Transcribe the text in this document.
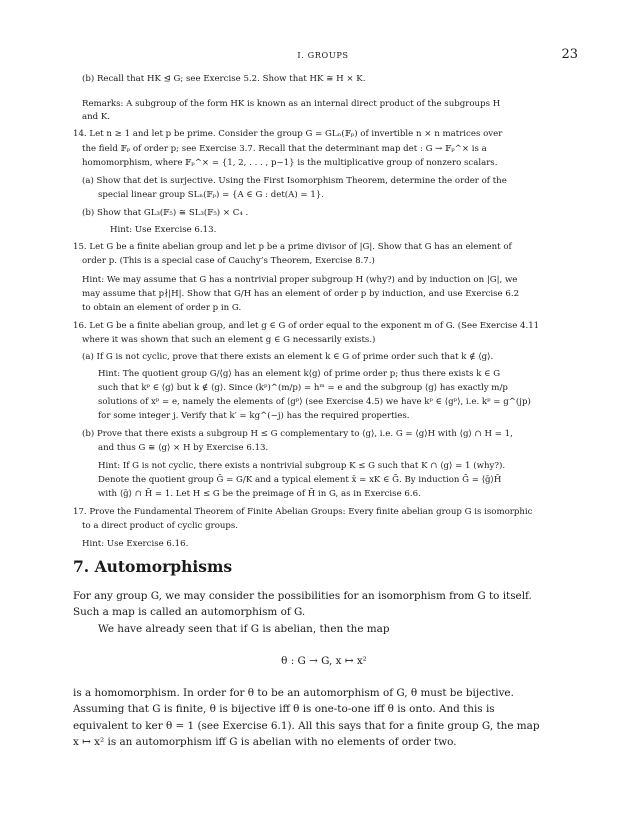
I. GROUPS	23
(b) Recall that HK ⊴ G; see Exercise 5.2. Show that HK ≅ H × K.
Remarks: A subgroup of the form HK is known as an internal direct product of the subgroups H
and K.
14. Let n ≥ 1 and let p be prime. Consider the group G = GLₙ(𝔽ₚ) of invertible n × n matrices over
the field 𝔽ₚ of order p; see Exercise 3.7. Recall that the determinant map det : G → 𝔽ₚ^× is a
homomorphism, where 𝔽ₚ^× = {1, 2, . . . , p−1} is the multiplicative group of nonzero scalars.
(a) Show that det is surjective. Using the First Isomorphism Theorem, determine the order of the
special linear group SLₙ(𝔽ₚ) = {A ∈ G : det(A) = 1}.
(b) Show that GL₃(𝔽₅) ≅ SL₃(𝔽₅) × C₄ .
Hint: Use Exercise 6.13.
15. Let G be a finite abelian group and let p be a prime divisor of |G|. Show that G has an element of
order p. (This is a special case of Cauchy’s Theorem, Exercise 8.7.)
Hint: We may assume that G has a nontrivial proper subgroup H (why?) and by induction on |G|, we
may assume that p∤|H|. Show that G/H has an element of order p by induction, and use Exercise 6.2
to obtain an element of order p in G.
16. Let G be a finite abelian group, and let g ∈ G of order equal to the exponent m of G. (See Exercise 4.11
where it was shown that such an element g ∈ G necessarily exists.)
(a) If G is not cyclic, prove that there exists an element k ∈ G of prime order such that k ∉ ⟨g⟩.
Hint: The quotient group G/⟨g⟩ has an element k⟨g⟩ of prime order p; thus there exists k ∈ G
such that kᵖ ∈ ⟨g⟩ but k ∉ ⟨g⟩. Since (kᵖ)^(m/p) = hᵐ = e and the subgroup ⟨g⟩ has exactly m/p
solutions of xᵖ = e, namely the elements of ⟨gᵖ⟩ (see Exercise 4.5) we have kᵖ ∈ ⟨gᵖ⟩, i.e. kᵖ = g^(jp)
for some integer j. Verify that k′ = kg^(−j) has the required properties.
(b) Prove that there exists a subgroup H ≤ G complementary to ⟨g⟩, i.e. G = ⟨g⟩H with ⟨g⟩ ∩ H = 1,
and thus G ≅ ⟨g⟩ × H by Exercise 6.13.
Hint: If G is not cyclic, there exists a nontrivial subgroup K ≤ G such that K ∩ ⟨g⟩ = 1 (why?).
Denote the quotient group Ḡ = G/K and a typical element x̄ = xK ∈ Ḡ. By induction Ḡ = ⟨ḡ⟩H̄
with ⟨ḡ⟩ ∩ H̄ = 1. Let H ≤ G be the preimage of H̄ in G, as in Exercise 6.6.
17. Prove the Fundamental Theorem of Finite Abelian Groups: Every finite abelian group G is isomorphic
to a direct product of cyclic groups.
Hint: Use Exercise 6.16.
7. Automorphisms
For any group G, we may consider the possibilities for an isomorphism from G to itself.
Such a map is called an automorphism of G.
We have already seen that if G is abelian, then the map
θ : G → G, x ↦ x²
is a homomorphism. In order for θ to be an automorphism of G, θ must be bijective.
Assuming that G is finite, θ is bijective iff θ is one-to-one iff θ is onto. And this is
equivalent to ker θ = 1 (see Exercise 6.1). All this says that for a finite group G, the map
x ↦ x² is an automorphism iff G is abelian with no elements of order two.
